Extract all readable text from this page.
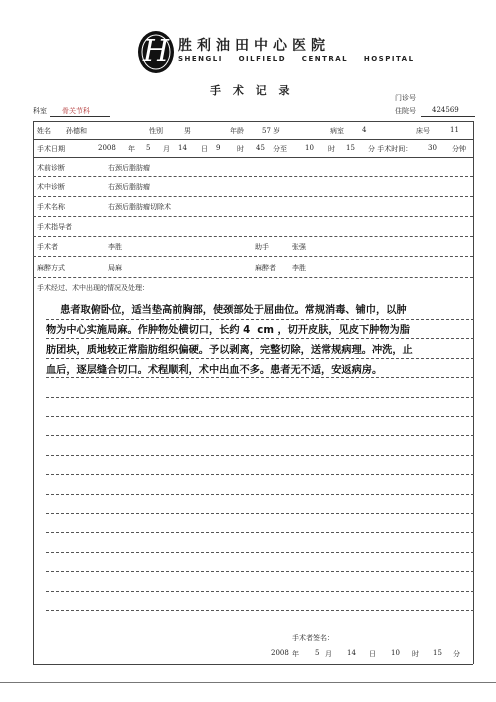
H 胜利油田中心医院
SHENGLI    OILFIELD    CENTRAL    HOSPITAL
手 术 记 录
门诊号
住院号 424569
科室 骨关节科
姓名 孙德和	性别	男	年龄	57 岁	病室	4	床号	11
手术日期	2008 年 5 月 14 日 9 时 45 分至	10 时 15 分 手术时间： 30 分钟
术前诊断	右颈后脂肪瘤
术中诊断	右颈后脂肪瘤
手术名称	右颈后脂肪瘤切除术
手术指导者
手术者	李胜	助手	张强
麻醉方式	局麻	麻醉者 李胜
手术经过、术中出现的情况及处理：
患者取俯卧位，适当垫高前胸部，使颈部处于屈曲位。常规消毒、铺巾，以肿
物为中心实施局麻。作肿物处横切口，长约 4  cm ，切开皮肤，见皮下肿物为脂
肪团块，质地较正常脂肪组织偏硬。予以剥离，完整切除，送常规病理。冲洗，止
血后，逐层缝合切口。术程顺利，术中出血不多。患者无不适，安返病房。
手术者签名：
2008 年 5 月 14 日 10 时 15 分
